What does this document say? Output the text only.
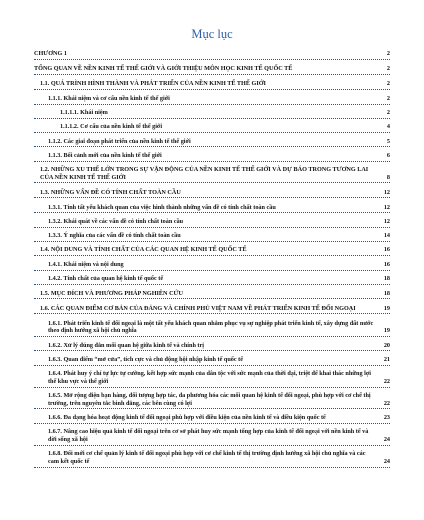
Mục lục
CHƯƠNG 1	2
TỔNG QUAN VỀ NỀN KINH TẾ THẾ GIỚI VÀ GIỚI THIỆU MÔN HỌC KINH TẾ QUỐC TẾ	2
1.1. QUÁ TRÌNH HÌNH THÀNH VÀ PHÁT TRIỂN CỦA NỀN KINH TẾ THẾ GIỚI	2
1.1.1. Khái niệm và cơ cấu nền kinh tế thế giới	2
1.1.1.1. Khái niệm	2
1.1.1.2. Cơ cấu của nền kinh tế thế giới	4
1.1.2. Các giai đoạn phát triển của nền kinh tế thế giới	5
1.1.3. Bối cảnh mới của nền kinh tế thế giới	6
1.2. NHỮNG XU THẾ LỚN TRONG SỰ VẬN ĐỘNG CỦA NỀN KINH TẾ THẾ GIỚI VÀ DỰ BÁO TRONG TƯƠNG LAI CỦA NỀN KINH TẾ THẾ GIỚI	8
1.3. NHỮNG VẤN ĐỀ CÓ TÍNH CHẤT TOÀN CẦU	12
1.3.1. Tính tất yếu khách quan của việc hình thành những vấn đề có tính chất toàn cầu	12
1.3.2. Khái quát về các vấn đề có tính chất toàn cầu	12
1.3.3. Ý nghĩa của các vấn đề có tính chất toàn cầu	14
1.4. NỘI DUNG VÀ TÍNH CHẤT CỦA CÁC QUAN HỆ KINH TẾ QUỐC TẾ	16
1.4.1. Khái niệm và nội dung	16
1.4.2. Tính chất của quan hệ kinh tế quốc tế	18
1.5. MỤC ĐÍCH VÀ PHƯƠNG PHÁP NGHIÊN CỨU	18
1.6. CÁC QUAN ĐIỂM CƠ BẢN CỦA ĐẢNG VÀ CHÍNH PHỦ VIỆT NAM VỀ PHÁT TRIỂN KINH TẾ ĐỐI NGOẠI	19
1.6.1. Phát triển kinh tế đối ngoại là một tất yếu khách quan nhằm phục vụ sự nghiệp phát triển kinh tế, xây dựng đất nước theo định hướng xã hội chủ nghĩa	19
1.6.2. Xử lý đúng đắn mối quan hệ giữa kinh tế và chính trị	20
1.6.3. Quan điểm “mở cửa”, tích cực và chủ động hội nhập kinh tế quốc tế	21
1.6.4. Phát huy ý chí tự lực tự cường, kết hợp sức mạnh của dân tộc với sức mạnh của thời đại, triệt để khai thác những lợi thế khu vực và thế giới	22
1.6.5. Mở rộng điện bạn hàng, đối tượng hợp tác, đa phương hóa các mối quan hệ kinh tế đối ngoại, phù hợp với cơ chế thị trường, trên nguyên tắc bình đẳng, các bên cùng có lợi	22
1.6.6. Đa dạng hóa hoạt động kinh tế đối ngoại phù hợp với điều kiện của nền kinh tế và điều kiện quốc tế	23
1.6.7. Nâng cao hiệu quả kinh tế đối ngoại trên cơ sở phát huy sức mạnh tổng hợp của kinh tế đối ngoại với nền kinh tế và đời sống xã hội	24
1.6.8. Đổi mới cơ chế quản lý kinh tế đối ngoại phù hợp với cơ chế kinh tế thị trường định hướng xã hội chủ nghĩa và các cam kết quốc tế	24
